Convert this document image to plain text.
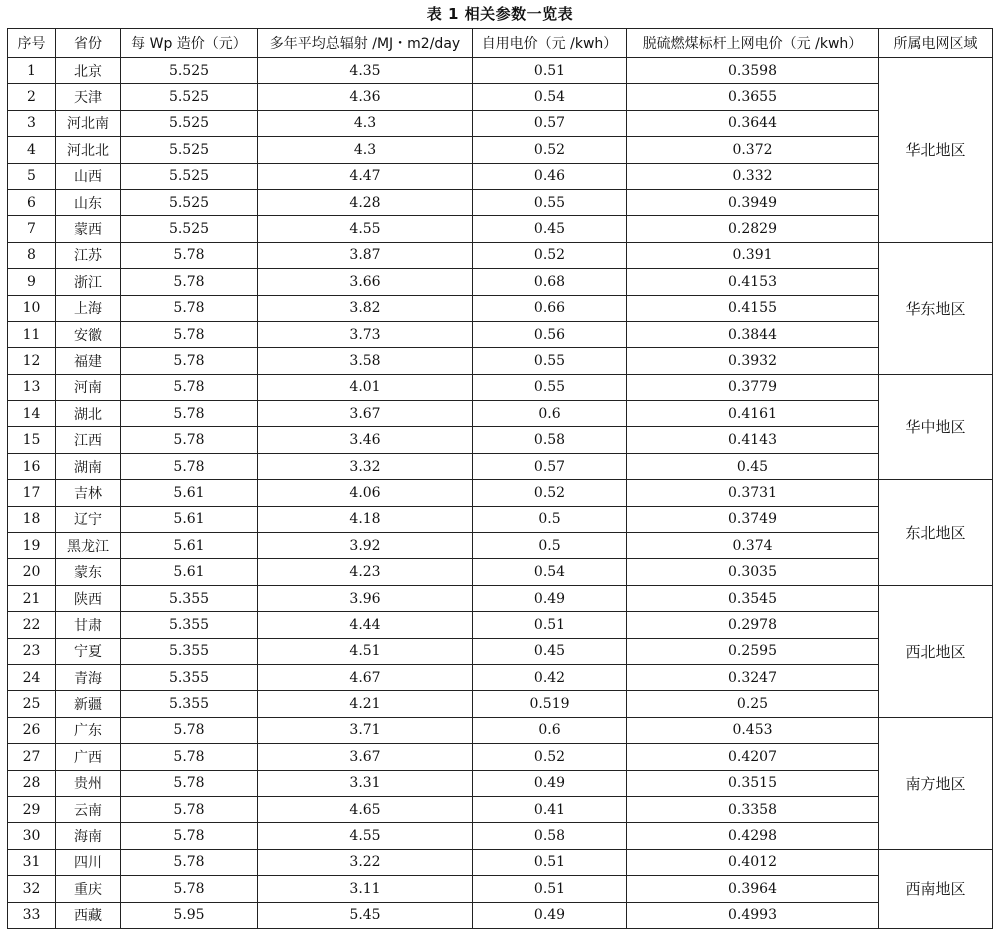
表 1 相关参数一览表
序号	省份	每 Wp 造价（元）	多年平均总辐射 /MJ・m2/day	自用电价（元 /kwh）	脱硫燃煤标杆上网电价（元 /kwh）	所属电网区域
1	北京	5.525	4.35	0.51	0.3598	华北地区
2	天津	5.525	4.36	0.54	0.3655	
3	河北南	5.525	4.3	0.57	0.3644	
4	河北北	5.525	4.3	0.52	0.372	
5	山西	5.525	4.47	0.46	0.332	
6	山东	5.525	4.28	0.55	0.3949	
7	蒙西	5.525	4.55	0.45	0.2829	
8	江苏	5.78	3.87	0.52	0.391	华东地区
9	浙江	5.78	3.66	0.68	0.4153	
10	上海	5.78	3.82	0.66	0.4155	
11	安徽	5.78	3.73	0.56	0.3844	
12	福建	5.78	3.58	0.55	0.3932	
13	河南	5.78	4.01	0.55	0.3779	华中地区
14	湖北	5.78	3.67	0.6	0.4161	
15	江西	5.78	3.46	0.58	0.4143	
16	湖南	5.78	3.32	0.57	0.45	
17	吉林	5.61	4.06	0.52	0.3731	东北地区
18	辽宁	5.61	4.18	0.5	0.3749	
19	黑龙江	5.61	3.92	0.5	0.374	
20	蒙东	5.61	4.23	0.54	0.3035	
21	陕西	5.355	3.96	0.49	0.3545	西北地区
22	甘肃	5.355	4.44	0.51	0.2978	
23	宁夏	5.355	4.51	0.45	0.2595	
24	青海	5.355	4.67	0.42	0.3247	
25	新疆	5.355	4.21	0.519	0.25	
26	广东	5.78	3.71	0.6	0.453	南方地区
27	广西	5.78	3.67	0.52	0.4207	
28	贵州	5.78	3.31	0.49	0.3515	
29	云南	5.78	4.65	0.41	0.3358	
30	海南	5.78	4.55	0.58	0.4298	
31	四川	5.78	3.22	0.51	0.4012	西南地区
32	重庆	5.78	3.11	0.51	0.3964	
33	西藏	5.95	5.45	0.49	0.4993	
